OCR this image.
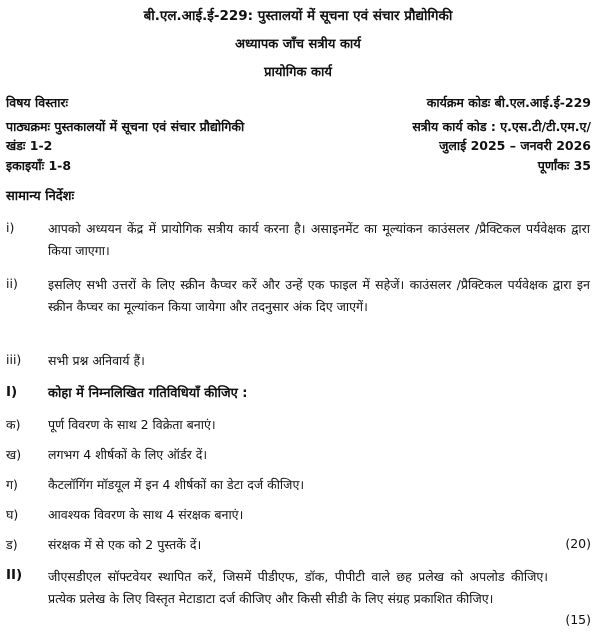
बी.एल.आई.ई-229: पुस्तालयों में सूचना एवं संचार प्रौद्योगिकी
अध्यापक जाँच सत्रीय कार्य
प्रायोगिक कार्य
विषय विस्तारः	कार्यक्रम कोडः बी.एल.आई.ई-229
पाठ्यक्रमः पुस्तकालयों में सूचना एवं संचार प्रौद्योगिकी	सत्रीय कार्य कोड : ए.एस.टी/टी.एम.ए/
खंडः 1-2	जुलाई 2025 – जनवरी 2026
इकाइयाँः 1-8	पूर्णांकः 35
सामान्य निर्देशः
i)	आपको अध्ययन केंद्र में प्रायोगिक सत्रीय कार्य करना है। असाइनमेंट का मूल्यांकन काउंसलर /प्रैक्टिकल पर्यवेक्षक द्वारा किया जाएगा।
ii) इसलिए सभी उत्तरों के लिए स्क्रीन कैप्चर करें और उन्हें एक फाइल में सहेजें। काउंसलर /प्रैक्टिकल पर्यवेक्षक द्वारा इन स्क्रीन कैप्चर का मूल्यांकन किया जायेगा और तदनुसार अंक दिए जाएगें।
iii) सभी प्रश्न अनिवार्य हैं।
I) कोहा में निम्नलिखित गतिविधियाँ कीजिए :
क) पूर्ण विवरण के साथ 2 विक्रेता बनाएं।
ख) लगभग 4 शीर्षकों के लिए ऑर्डर दें।
ग) कैटलॉगिंग मॉडयूल में इन 4 शीर्षकों का डेटा दर्ज कीजिए।
घ) आवश्यक विवरण के साथ 4 संरक्षक बनाएं।
ड) संरक्षक में से एक को 2 पुस्तकें दें।	(20)
II) जीएसडीएल सॉफ्टवेयर स्थापित करें, जिसमें पीडीएफ, डॉक, पीपीटी वाले छह प्रलेख को अपलोड कीजिए। प्रत्येक प्रलेख के लिए विस्तृत मेटाडाटा दर्ज कीजिए और किसी सीडी के लिए संग्रह प्रकाशित कीजिए।
(15)
